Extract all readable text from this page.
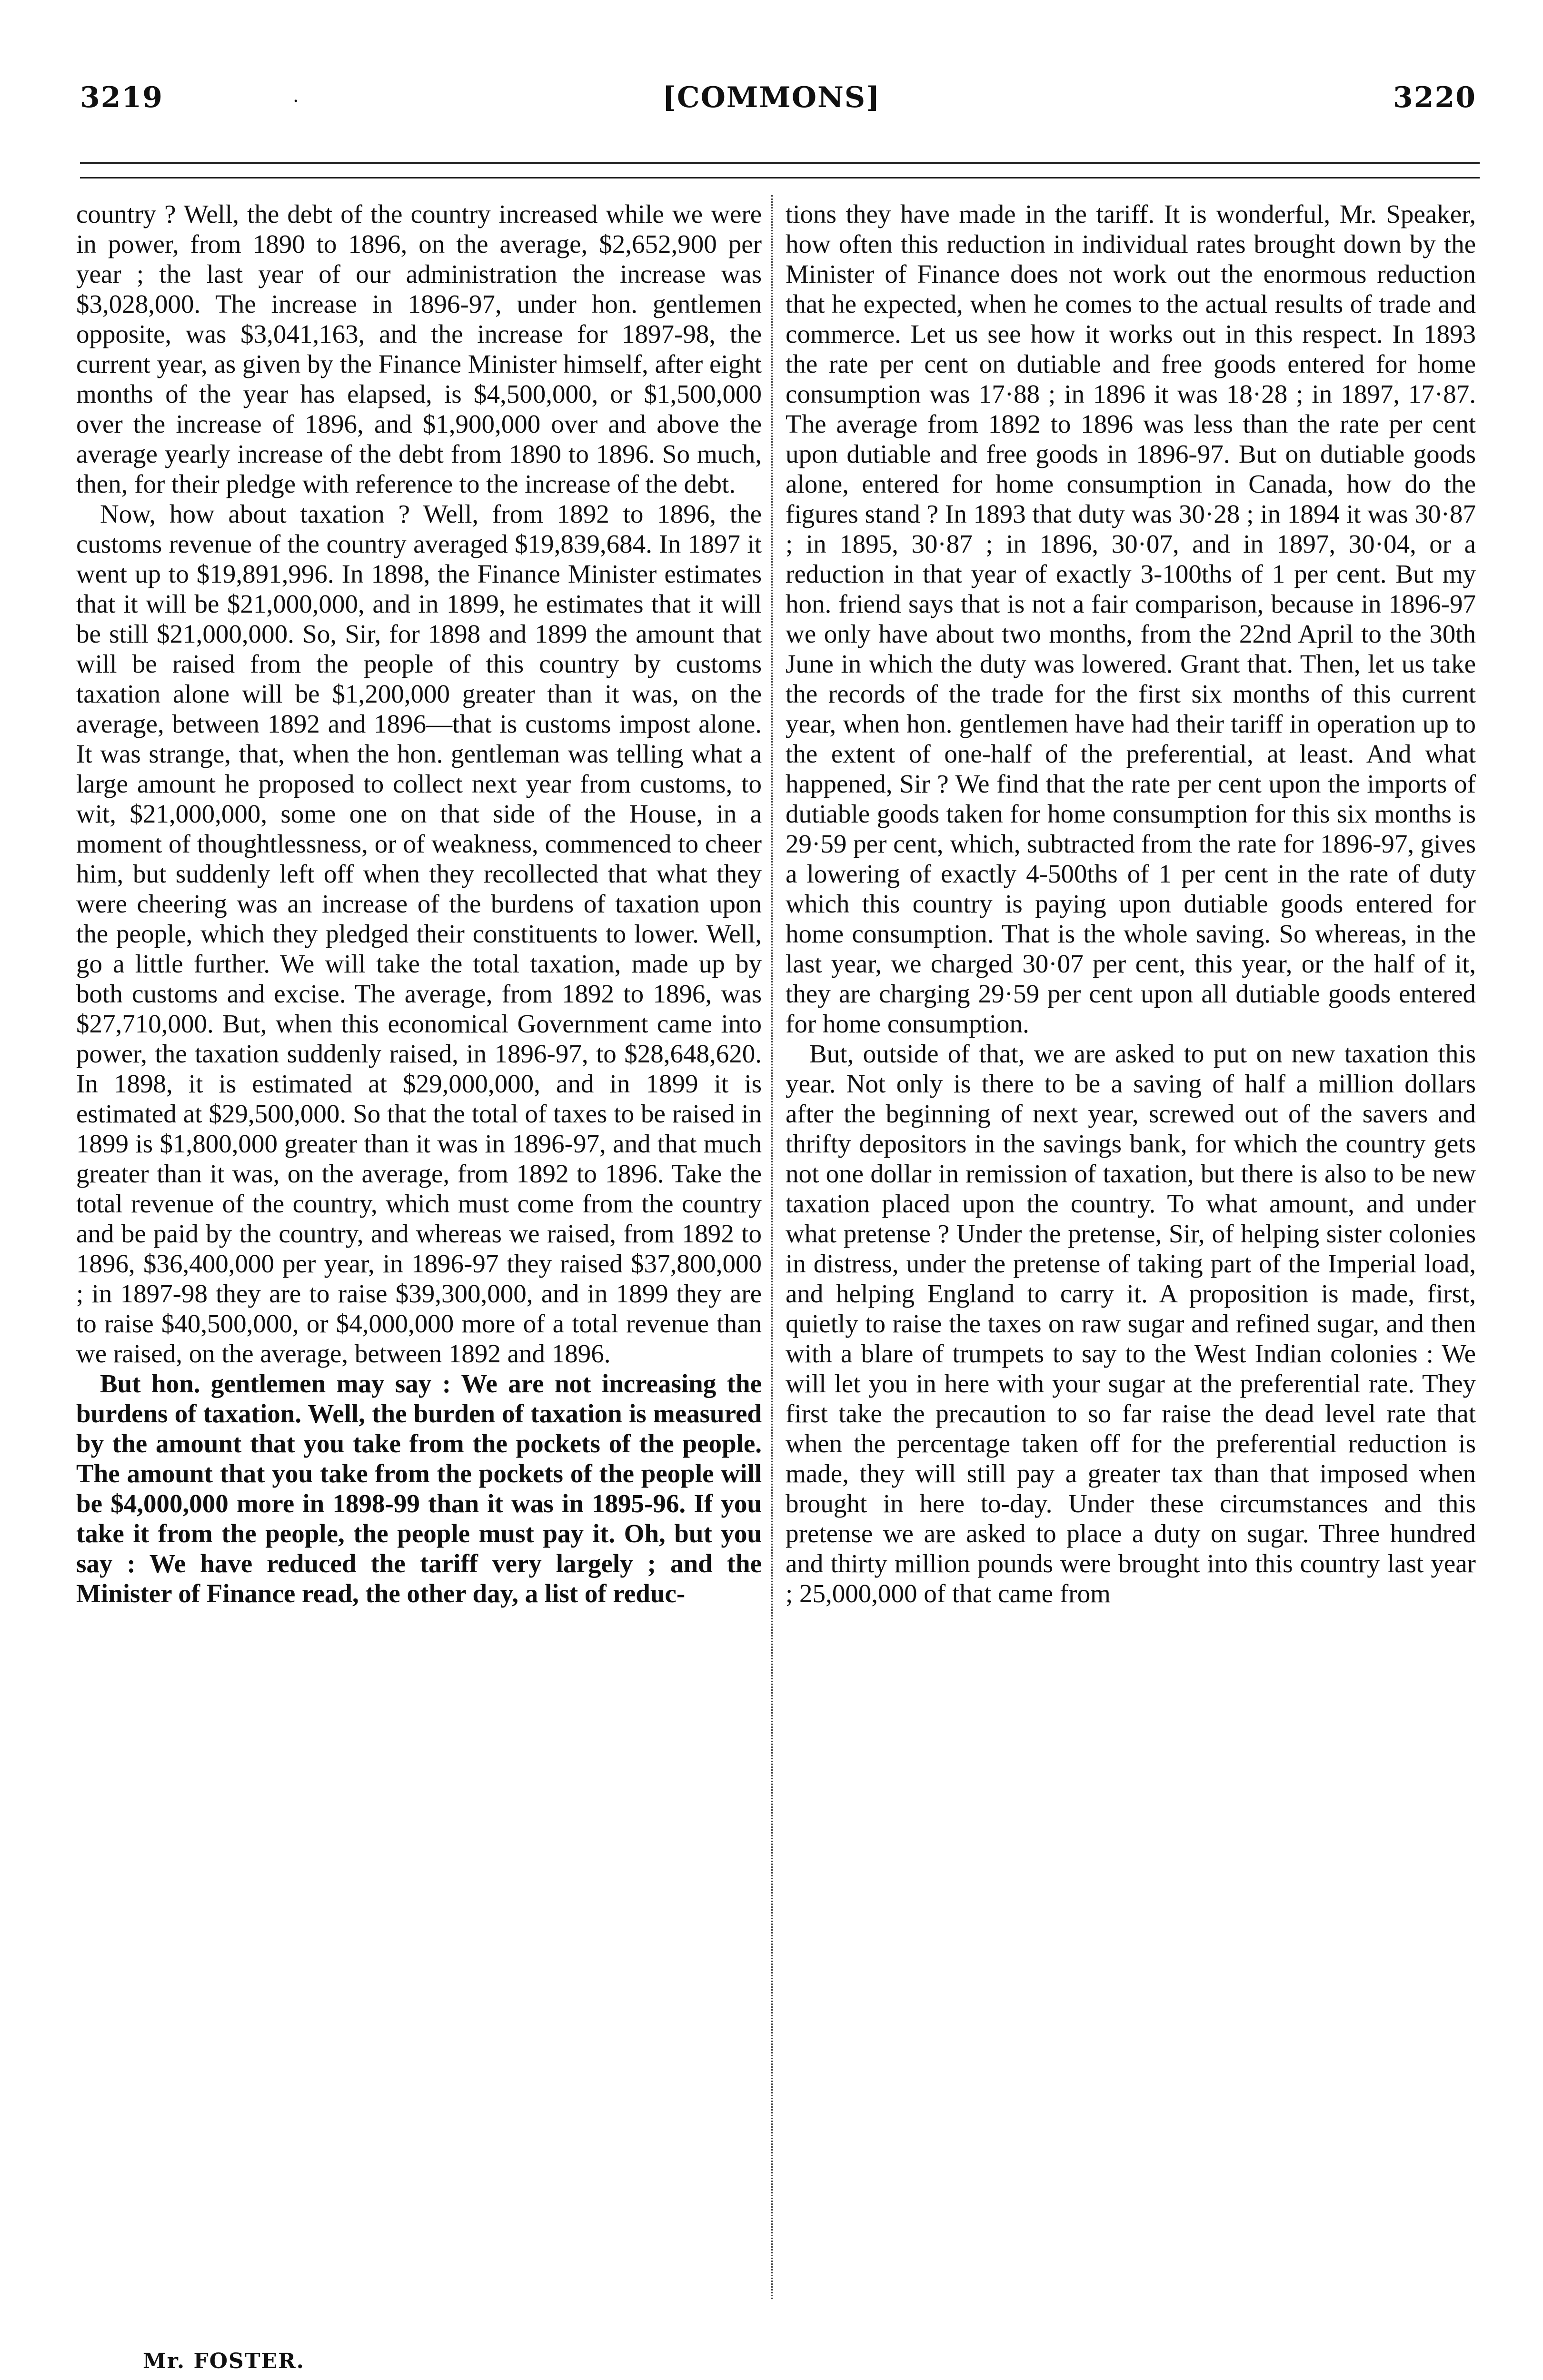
[COMMONS]
3219	·	3220

country ? Well, the debt of the country increased while we were in power, from 1890 to 1896, on the average, $2,652,900 per year ; the last year of our administration the increase was $3,028,000. The increase in 1896-97, under hon. gentlemen opposite, was $3,041,163, and the increase for 1897-98, the current year, as given by the Finance Minister himself, after eight months of the year has elapsed, is $4,500,000, or $1,500,000 over the increase of 1896, and $1,900,000 over and above the average yearly increase of the debt from 1890 to 1896. So much, then, for their pledge with reference to the increase of the debt.

Now, how about taxation ? Well, from 1892 to 1896, the customs revenue of the country averaged $19,839,684. In 1897 it went up to $19,891,996. In 1898, the Finance Minister estimates that it will be $21,000,000, and in 1899, he estimates that it will be still $21,000,000. So, Sir, for 1898 and 1899 the amount that will be raised from the people of this country by customs taxation alone will be $1,200,000 greater than it was, on the average, between 1892 and 1896—that is customs impost alone. It was strange, that, when the hon. gentleman was telling what a large amount he proposed to collect next year from customs, to wit, $21,000,000, some one on that side of the House, in a moment of thoughtlessness, or of weakness, commenced to cheer him, but suddenly left off when they recollected that what they were cheering was an increase of the burdens of taxation upon the people, which they pledged their constituents to lower. Well, go a little further. We will take the total taxation, made up by both customs and excise. The average, from 1892 to 1896, was $27,710,000. But, when this economical Government came into power, the taxation suddenly raised, in 1896-97, to $28,648,620. In 1898, it is estimated at $29,000,000, and in 1899 it is estimated at $29,500,000. So that the total of taxes to be raised in 1899 is $1,800,000 greater than it was in 1896-97, and that much greater than it was, on the average, from 1892 to 1896. Take the total revenue of the country, which must come from the country and be paid by the country, and whereas we raised, from 1892 to 1896, $36,400,000 per year, in 1896-97 they raised $37,800,000 ; in 1897-98 they are to raise $39,300,000, and in 1899 they are to raise $40,500,000, or $4,000,000 more of a total revenue than we raised, on the average, between 1892 and 1896.

But hon. gentlemen may say : We are not increasing the burdens of taxation. Well, the burden of taxation is measured by the amount that you take from the pockets of the people. The amount that you take from the pockets of the people will be $4,000,000 more in 1898-99 than it was in 1895-96. If you take it from the people, the people must pay it. Oh, but you say : We have reduced the tariff very largely ; and the Minister of Finance read, the other day, a list of reduc-

tions they have made in the tariff. It is wonderful, Mr. Speaker, how often this reduction in individual rates brought down by the Minister of Finance does not work out the enormous reduction that he expected, when he comes to the actual results of trade and commerce. Let us see how it works out in this respect. In 1893 the rate per cent on dutiable and free goods entered for home consumption was 17·88 ; in 1896 it was 18·28 ; in 1897, 17·87. The average from 1892 to 1896 was less than the rate per cent upon dutiable and free goods in 1896-97. But on dutiable goods alone, entered for home consumption in Canada, how do the figures stand ? In 1893 that duty was 30·28 ; in 1894 it was 30·87 ; in 1895, 30·87 ; in 1896, 30·07, and in 1897, 30·04, or a reduction in that year of exactly 3-100ths of 1 per cent. But my hon. friend says that is not a fair comparison, because in 1896-97 we only have about two months, from the 22nd April to the 30th June in which the duty was lowered. Grant that. Then, let us take the records of the trade for the first six months of this current year, when hon. gentlemen have had their tariff in operation up to the extent of one-half of the preferential, at least. And what happened, Sir ? We find that the rate per cent upon the imports of dutiable goods taken for home consumption for this six months is 29·59 per cent, which, subtracted from the rate for 1896-97, gives a lowering of exactly 4-500ths of 1 per cent in the rate of duty which this country is paying upon dutiable goods entered for home consumption. That is the whole saving. So whereas, in the last year, we charged 30·07 per cent, this year, or the half of it, they are charging 29·59 per cent upon all dutiable goods entered for home consumption.

But, outside of that, we are asked to put on new taxation this year. Not only is there to be a saving of half a million dollars after the beginning of next year, screwed out of the savers and thrifty depositors in the savings bank, for which the country gets not one dollar in remission of taxation, but there is also to be new taxation placed upon the country. To what amount, and under what pretense ? Under the pretense, Sir, of helping sister colonies in distress, under the pretense of taking part of the Imperial load, and helping England to carry it. A proposition is made, first, quietly to raise the taxes on raw sugar and refined sugar, and then with a blare of trumpets to say to the West Indian colonies : We will let you in here with your sugar at the preferential rate. They first take the precaution to so far raise the dead level rate that when the percentage taken off for the preferential reduction is made, they will still pay a greater tax than that imposed when brought in here to-day. Under these circumstances and this pretense we are asked to place a duty on sugar. Three hundred and thirty million pounds were brought into this country last year ; 25,000,000 of that came from

Mr. FOSTER.
